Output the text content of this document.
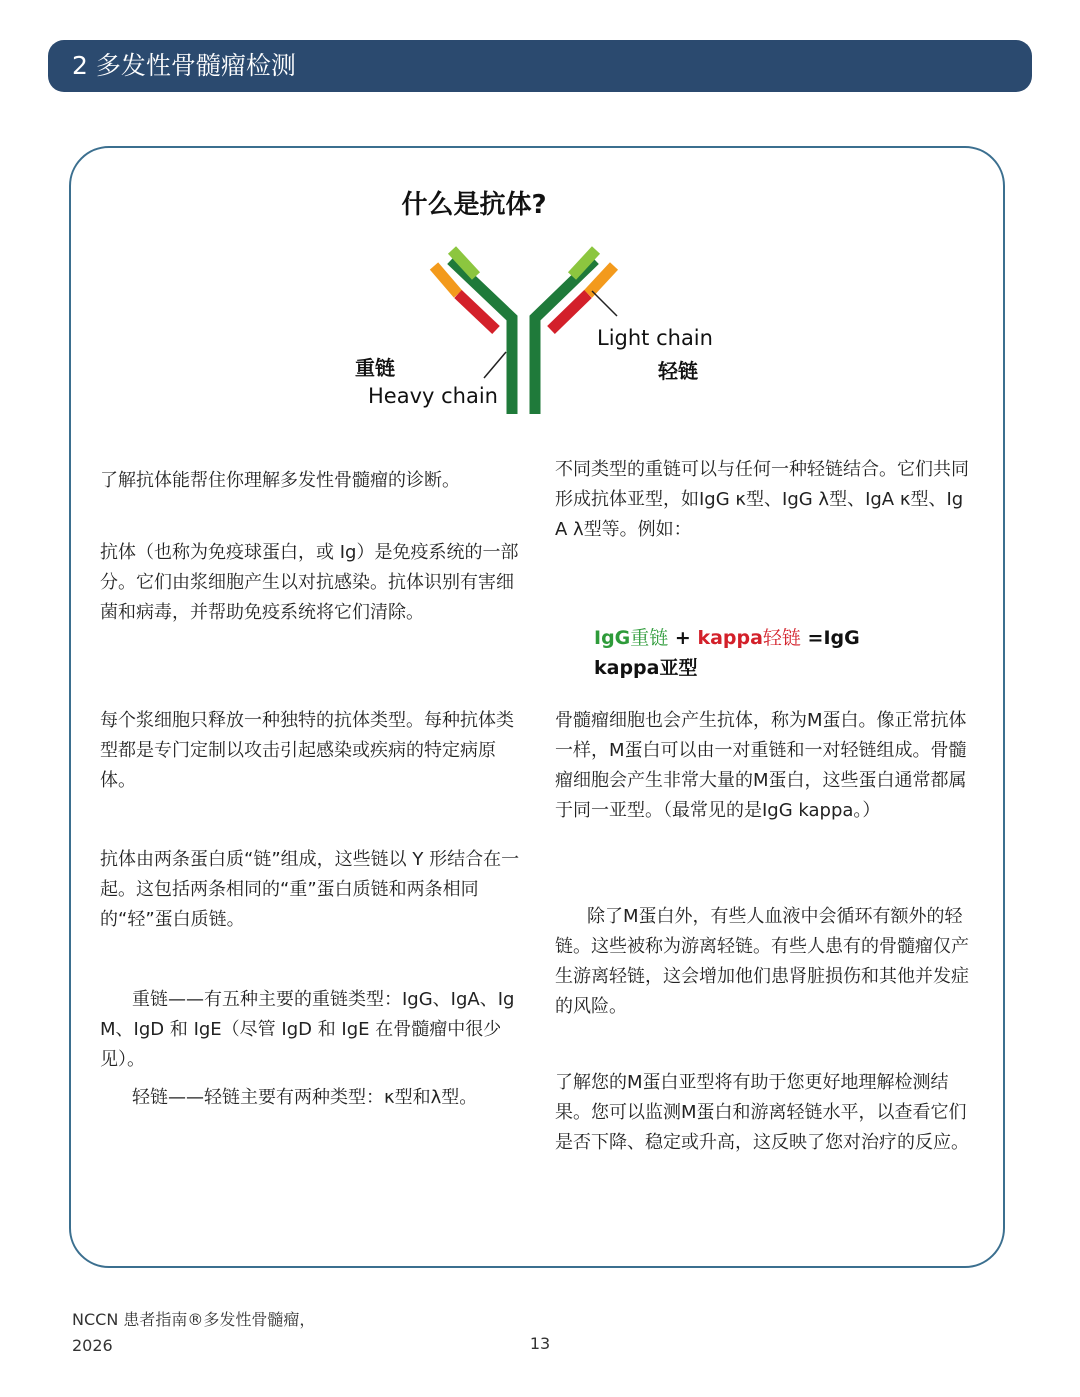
2 多发性骨髓瘤检测
什么是抗体?
重链
Heavy chain
Light chain
轻链

了解抗体能帮住你理解多发性骨髓瘤的诊断。

抗体（也称为免疫球蛋白，或 Ig）是免疫系统的一部分。它们由浆细胞产生以对抗感染。抗体识别有害细菌和病毒，并帮助免疫系统将它们清除。

每个浆细胞只释放一种独特的抗体类型。每种抗体类型都是专门定制以攻击引起感染或疾病的特定病原体。

抗体由两条蛋白质“链”组成，这些链以 Y 形结合在一起。这包括两条相同的“重”蛋白质链和两条相同的“轻”蛋白质链。

重链——有五种主要的重链类型：IgG、IgA、IgM、IgD 和 IgE（尽管 IgD 和 IgE 在骨髓瘤中很少见）。

轻链——轻链主要有两种类型：κ型和λ型。

不同类型的重链可以与任何一种轻链结合。它们共同形成抗体亚型，如IgG κ型、IgG λ型、IgA κ型、IgA λ型等。例如：

IgG重链 + kappa轻链 =IgG
kappa亚型

骨髓瘤细胞也会产生抗体，称为M蛋白。像正常抗体一样，M蛋白可以由一对重链和一对轻链组成。骨髓瘤细胞会产生非常大量的M蛋白，这些蛋白通常都属于同一亚型。（最常见的是IgG kappa。）

除了M蛋白外，有些人血液中会循环有额外的轻链。这些被称为游离轻链。有些人患有的骨髓瘤仅产生游离轻链，这会增加他们患肾脏损伤和其他并发症的风险。

了解您的M蛋白亚型将有助于您更好地理解检测结果。您可以监测M蛋白和游离轻链水平，以查看它们是否下降、稳定或升高，这反映了您对治疗的反应。

NCCN 患者指南®多发性骨髓瘤，
2026	13
